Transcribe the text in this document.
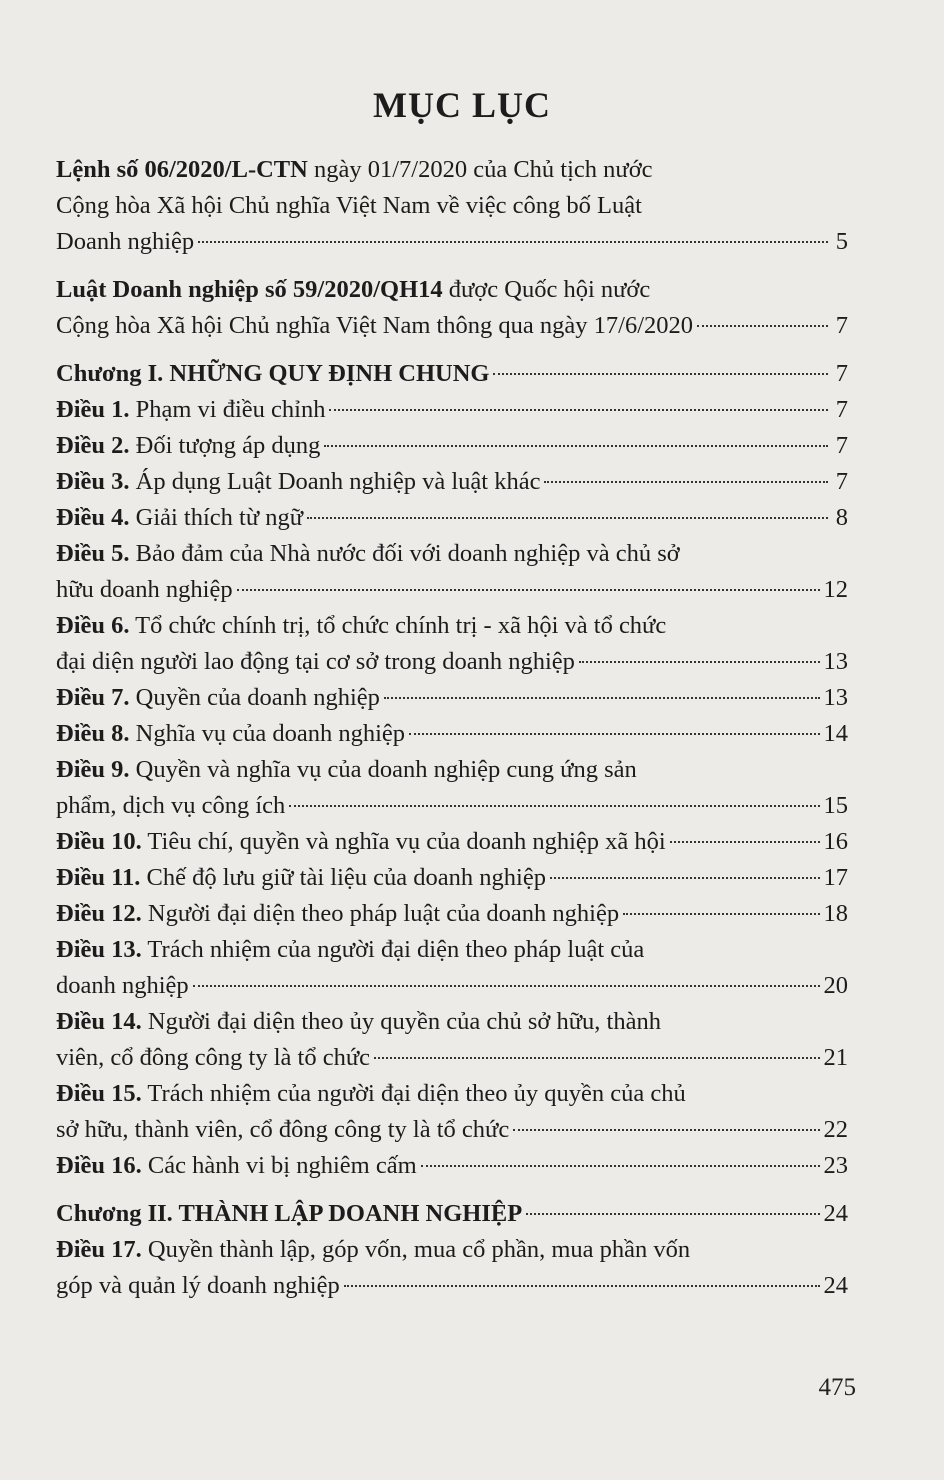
MỤC LỤC
Lệnh số 06/2020/L-CTN ngày 01/7/2020 của Chủ tịch nước
Cộng hòa Xã hội Chủ nghĩa Việt Nam về việc công bố Luật
Doanh nghiệp	5
Luật Doanh nghiệp số 59/2020/QH14 được Quốc hội nước
Cộng hòa Xã hội Chủ nghĩa Việt Nam thông qua ngày 17/6/2020	7
Chương I. NHỮNG QUY ĐỊNH CHUNG	7
Điều 1. Phạm vi điều chỉnh	7
Điều 2. Đối tượng áp dụng	7
Điều 3. Áp dụng Luật Doanh nghiệp và luật khác	7
Điều 4. Giải thích từ ngữ	8
Điều 5. Bảo đảm của Nhà nước đối với doanh nghiệp và chủ sở
hữu doanh nghiệp	12
Điều 6. Tổ chức chính trị, tổ chức chính trị - xã hội và tổ chức
đại diện người lao động tại cơ sở trong doanh nghiệp	13
Điều 7. Quyền của doanh nghiệp	13
Điều 8. Nghĩa vụ của doanh nghiệp	14
Điều 9. Quyền và nghĩa vụ của doanh nghiệp cung ứng sản
phẩm, dịch vụ công ích	15
Điều 10. Tiêu chí, quyền và nghĩa vụ của doanh nghiệp xã hội	16
Điều 11. Chế độ lưu giữ tài liệu của doanh nghiệp	17
Điều 12. Người đại diện theo pháp luật của doanh nghiệp	18
Điều 13. Trách nhiệm của người đại diện theo pháp luật của
doanh nghiệp	20
Điều 14. Người đại diện theo ủy quyền của chủ sở hữu, thành
viên, cổ đông công ty là tổ chức	21
Điều 15. Trách nhiệm của người đại diện theo ủy quyền của chủ
sở hữu, thành viên, cổ đông công ty là tổ chức	22
Điều 16. Các hành vi bị nghiêm cấm	23
Chương II. THÀNH LẬP DOANH NGHIỆP	24
Điều 17. Quyền thành lập, góp vốn, mua cổ phần, mua phần vốn
góp và quản lý doanh nghiệp	24
475
